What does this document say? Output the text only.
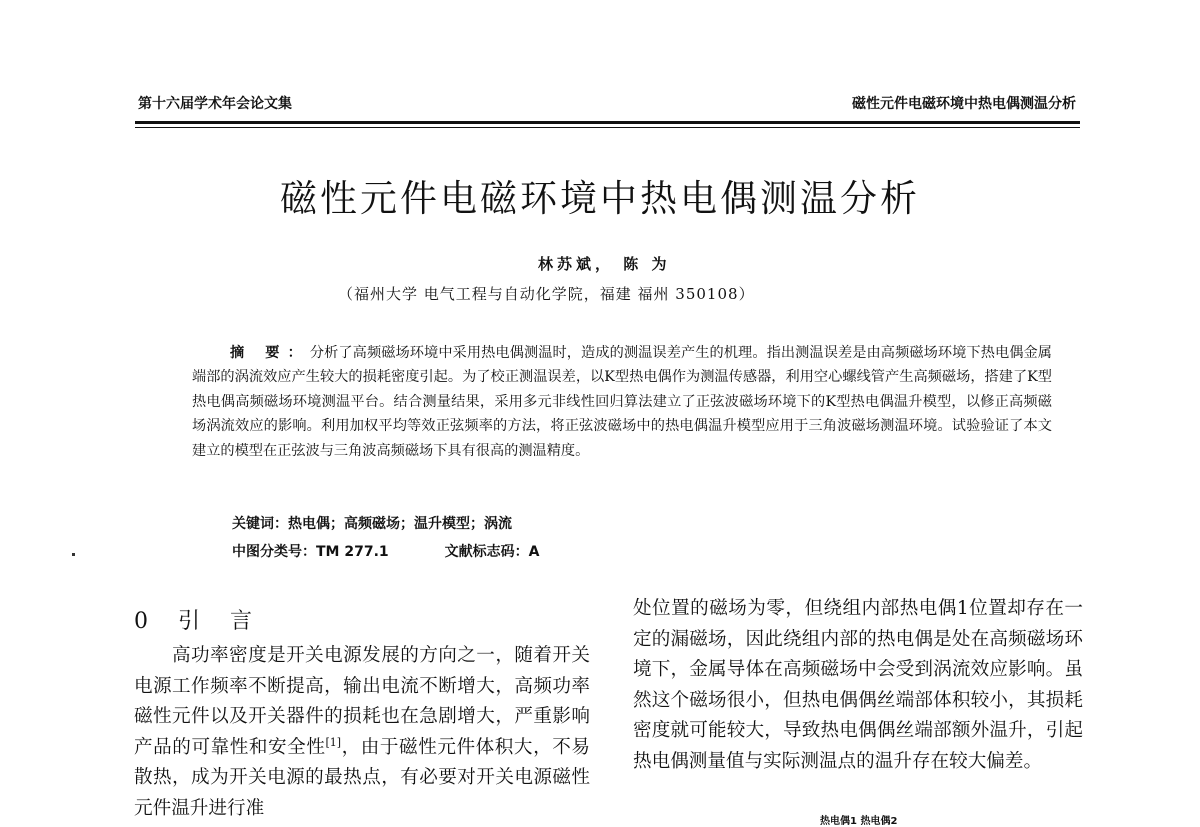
第十六届学术年会论文集	磁性元件电磁环境中热电偶测温分析
磁性元件电磁环境中热电偶测温分析
林苏斌， 陈 为
（福州大学 电气工程与自动化学院，福建 福州 350108）
摘 要：分析了高频磁场环境中采用热电偶测温时，造成的测温误差产生的机理。指出测温误差是由高频磁场环境下热电偶金属端部的涡流效应产生较大的损耗密度引起。为了校正测温误差，以K型热电偶作为测温传感器，利用空心螺线管产生高频磁场，搭建了K型热电偶高频磁场环境测温平台。结合测量结果，采用多元非线性回归算法建立了正弦波磁场环境下的K型热电偶温升模型，以修正高频磁场涡流效应的影响。利用加权平均等效正弦频率的方法，将正弦波磁场中的热电偶温升模型应用于三角波磁场测温环境。试验验证了本文建立的模型在正弦波与三角波高频磁场下具有很高的测温精度。
关键词：热电偶；高频磁场；温升模型；涡流
中图分类号：TM 277.1	文献标志码：A
0 引 言
高功率密度是开关电源发展的方向之一，随着开关电源工作频率不断提高，输出电流不断增大，高频功率磁性元件以及开关器件的损耗也在急剧增大，严重影响产品的可靠性和安全性[1]，由于磁性元件体积大，不易散热，成为开关电源的最热点，有必要对开关电源磁性元件温升进行准
处位置的磁场为零，但绕组内部热电偶1位置却存在一定的漏磁场，因此绕组内部的热电偶是处在高频磁场环境下，金属导体在高频磁场中会受到涡流效应影响。虽然这个磁场很小，但热电偶偶丝端部体积较小，其损耗密度就可能较大，导致热电偶偶丝端部额外温升，引起热电偶测量值与实际测温点的温升存在较大偏差。
热电偶1 热电偶2
